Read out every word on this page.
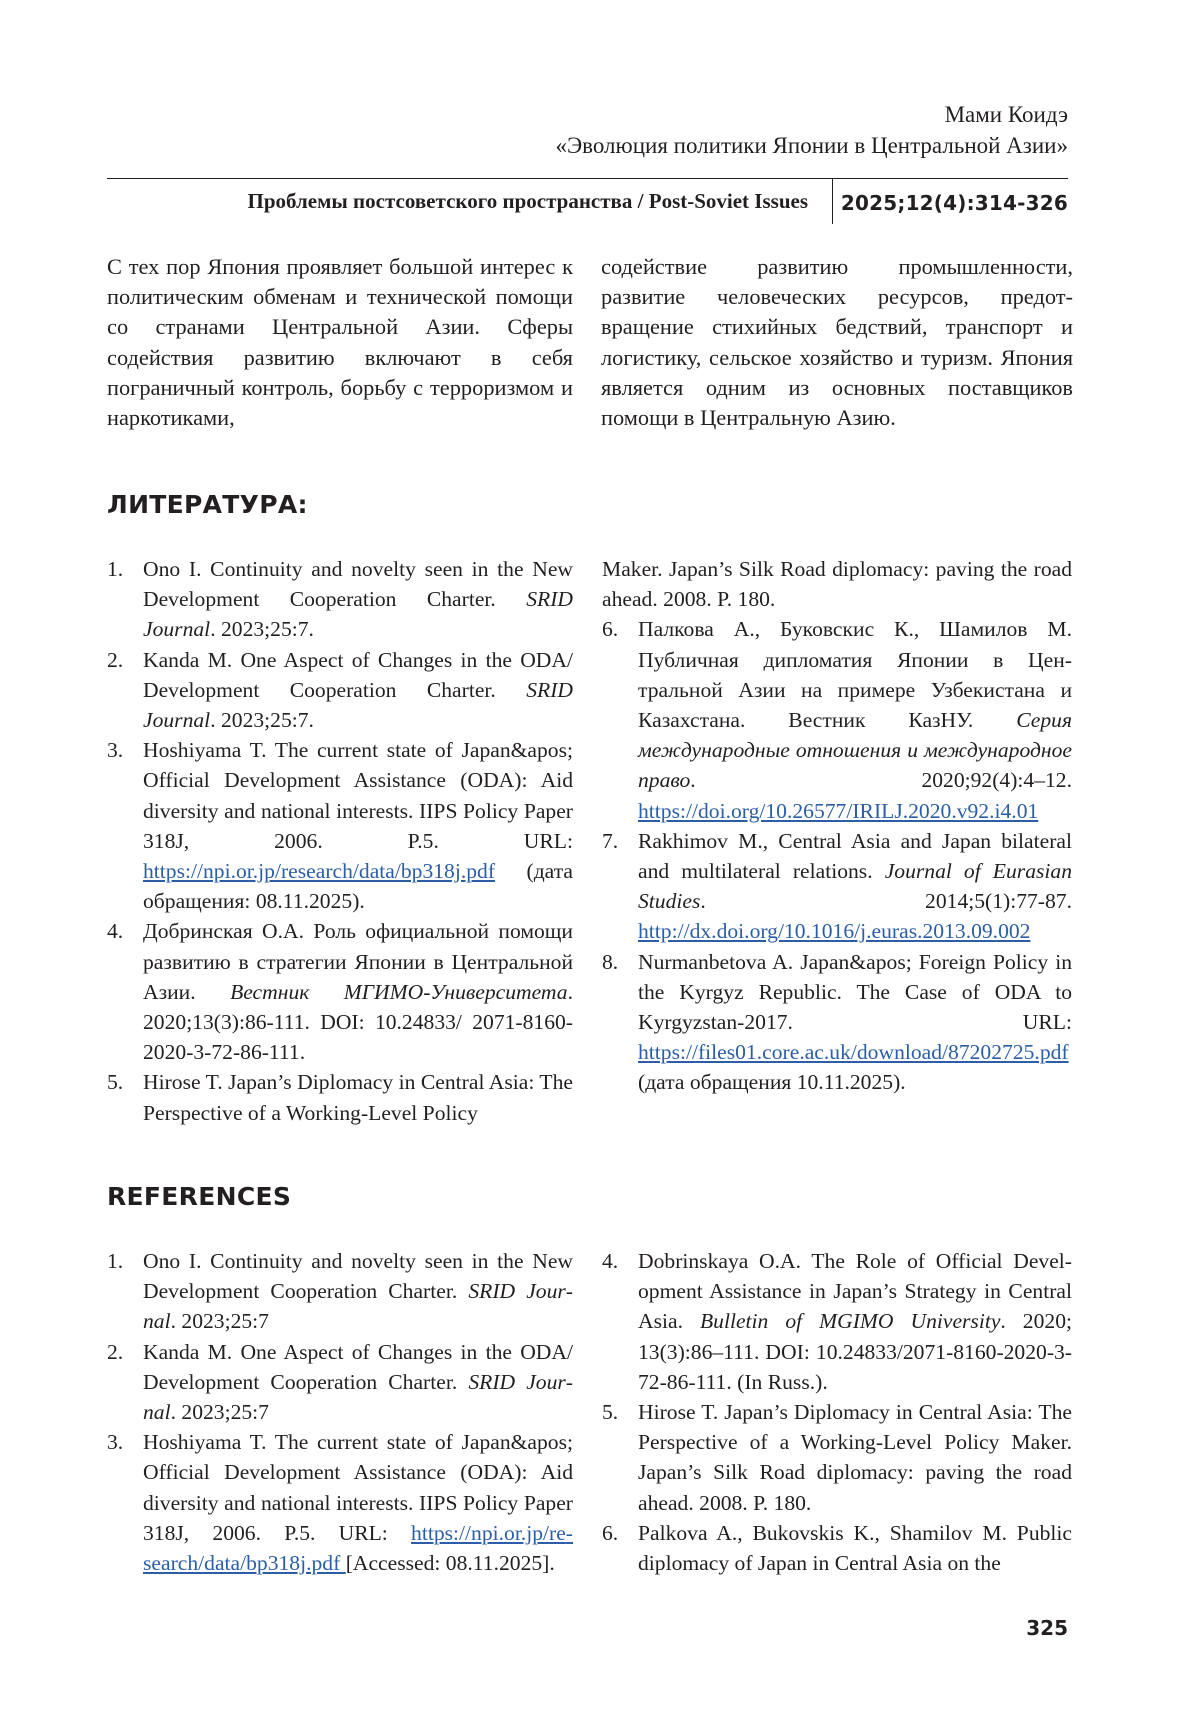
Мами Коидэ
«Эволюция политики Японии в Центральной Азии»
Проблемы постсоветского пространства / Post-Soviet Issues 2025;12(4):314-326

С тех пор Япония проявляет большой интерес к политическим обменам и технической помощи со странами Центральной Азии. Сферы содействия развитию включают в себя пограничный контроль, борьбу с терроризмом и наркотиками,

содействие развитию промышленности, развитие человеческих ресурсов, предотвращение стихийных бедствий, транспорт и логистику, сельское хозяйство и туризм. Япония является одним из основных поставщиков помощи в Центральную Азию.

ЛИТЕРАТУРА:
1. Ono I. Continuity and novelty seen in the New Development Cooperation Charter. SRID Journal. 2023;25:7.
2. Kanda M. One Aspect of Changes in the ODA/ Development Cooperation Charter. SRID Journal. 2023;25:7.
3. Hoshiyama T. The current state of Japan&apos; Official Development Assistance (ODA): Aid diversity and national interests. IIPS Policy Paper 318J, 2006. P.5. URL: https://npi.or.jp/research/data/bp318j.pdf (дата обращения: 08.11.2025).
4. Добринская О.А. Роль официальной помощи развитию в стратегии Японии в Центральной Азии. Вестник МГИМО-Университета. 2020;13(3):86-111. DOI: 10.24833/ 2071-8160-2020-3-72-86-111.
5. Hirose T. Japan’s Diplomacy in Central Asia: The Perspective of a Working-Level Policy
Maker. Japan’s Silk Road diplomacy: paving the road ahead. 2008. P. 180.
6. Палкова А., Буковскис К., Шамилов М. Публичная дипломатия Японии в Центральной Азии на примере Узбекистана и Казахстана. Вестник КазНУ. Серия международные отношения и международное право. 2020;92(4):4–12. https://doi.org/10.26577/IRILJ.2020.v92.i4.01
7. Rakhimov M., Central Asia and Japan bilateral and multilateral relations. Journal of Eurasian Studies. 2014;5(1):77-87. http://dx.doi.org/10.1016/j.euras.2013.09.002
8. Nurmanbetova A. Japan&apos; Foreign Policy in the Kyrgyz Republic. The Case of ODA to Kyrgyzstan-2017. URL: https://files01.core.ac.uk/download/87202725.pdf (дата обращения 10.11.2025).
REFERENCES
1. Ono I. Continuity and novelty seen in the New Development Cooperation Charter. SRID Journal. 2023;25:7
2. Kanda M. One Aspect of Changes in the ODA/ Development Cooperation Charter. SRID Journal. 2023;25:7
3. Hoshiyama T. The current state of Japan&apos; Official Development Assistance (ODA): Aid diversity and national interests. IIPS Policy Paper 318J, 2006. P.5. URL: https://npi.or.jp/research/data/bp318j.pdf [Accessed: 08.11.2025].
4. Dobrinskaya O.A. The Role of Official Development Assistance in Japan’s Strategy in Central Asia. Bulletin of MGIMO University. 2020; 13(3):86–111. DOI: 10.24833/2071-8160-2020-3-72-86-111. (In Russ.).
5. Hirose T. Japan’s Diplomacy in Central Asia: The Perspective of a Working-Level Policy Maker. Japan’s Silk Road diplomacy: paving the road ahead. 2008. P. 180.
6. Palkova A., Bukovskis K., Shamilov M. Public diplomacy of Japan in Central Asia on the
325
